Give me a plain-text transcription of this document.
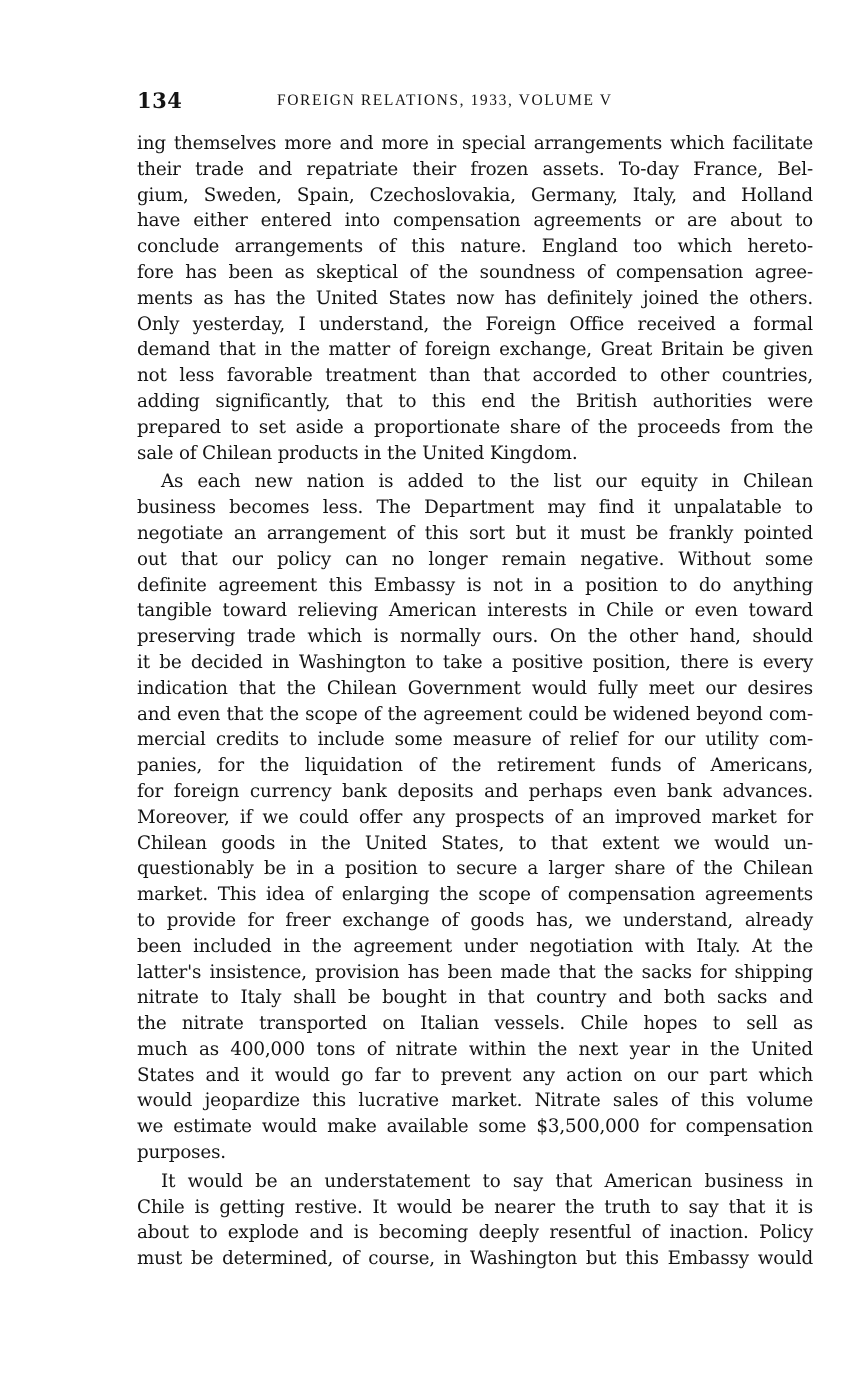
134	FOREIGN RELATIONS, 1933, VOLUME V
ing themselves more and more in special arrangements which facilitate
their trade and repatriate their frozen assets. To-day France, Bel-
gium, Sweden, Spain, Czechoslovakia, Germany, Italy, and Holland
have either entered into compensation agreements or are about to
conclude arrangements of this nature. England too which hereto-
fore has been as skeptical of the soundness of compensation agree-
ments as has the United States now has definitely joined the others.
Only yesterday, I understand, the Foreign Office received a formal
demand that in the matter of foreign exchange, Great Britain be given
not less favorable treatment than that accorded to other countries,
adding significantly, that to this end the British authorities were
prepared to set aside a proportionate share of the proceeds from the
sale of Chilean products in the United Kingdom.
As each new nation is added to the list our equity in Chilean
business becomes less. The Department may find it unpalatable to
negotiate an arrangement of this sort but it must be frankly pointed
out that our policy can no longer remain negative. Without some
definite agreement this Embassy is not in a position to do anything
tangible toward relieving American interests in Chile or even toward
preserving trade which is normally ours. On the other hand, should
it be decided in Washington to take a positive position, there is every
indication that the Chilean Government would fully meet our desires
and even that the scope of the agreement could be widened beyond com-
mercial credits to include some measure of relief for our utility com-
panies, for the liquidation of the retirement funds of Americans,
for foreign currency bank deposits and perhaps even bank advances.
Moreover, if we could offer any prospects of an improved market for
Chilean goods in the United States, to that extent we would un-
questionably be in a position to secure a larger share of the Chilean
market. This idea of enlarging the scope of compensation agreements
to provide for freer exchange of goods has, we understand, already
been included in the agreement under negotiation with Italy. At the
latter's insistence, provision has been made that the sacks for shipping
nitrate to Italy shall be bought in that country and both sacks and
the nitrate transported on Italian vessels. Chile hopes to sell as
much as 400,000 tons of nitrate within the next year in the United
States and it would go far to prevent any action on our part which
would jeopardize this lucrative market. Nitrate sales of this volume
we estimate would make available some $3,500,000 for compensation
purposes.
It would be an understatement to say that American business in
Chile is getting restive. It would be nearer the truth to say that it is
about to explode and is becoming deeply resentful of inaction. Policy
must be determined, of course, in Washington but this Embassy would
